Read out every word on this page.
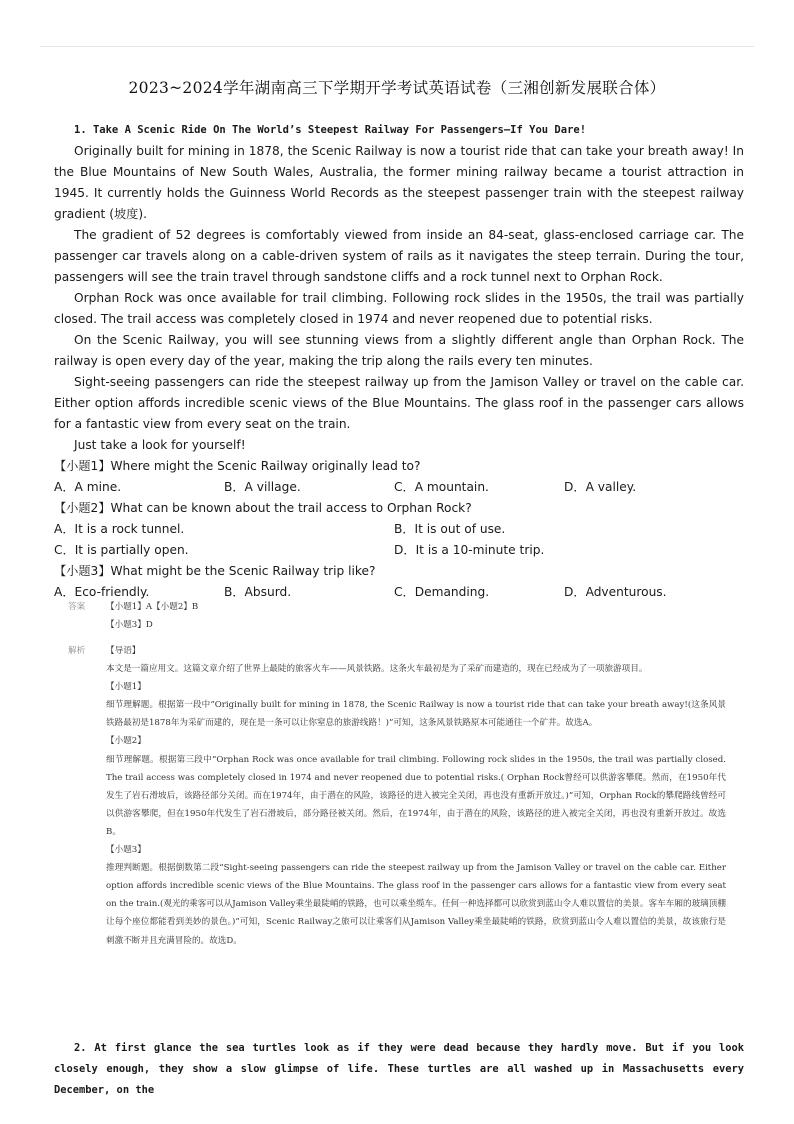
2023~2024学年湖南高三下学期开学考试英语试卷（三湘创新发展联合体）
1. Take A Scenic Ride On The World’s Steepest Railway For Passengers—If You Dare!

Originally built for mining in 1878, the Scenic Railway is now a tourist ride that can take your breath away! In the Blue Mountains of New South Wales, Australia, the former mining railway became a tourist attraction in 1945. It currently holds the Guinness World Records as the steepest passenger train with the steepest railway gradient (坡度).

The gradient of 52 degrees is comfortably viewed from inside an 84-seat, glass-enclosed carriage car. The passenger car travels along on a cable-driven system of rails as it navigates the steep terrain. During the tour, passengers will see the train travel through sandstone cliffs and a rock tunnel next to Orphan Rock.

Orphan Rock was once available for trail climbing. Following rock slides in the 1950s, the trail was partially closed. The trail access was completely closed in 1974 and never reopened due to potential risks.

On the Scenic Railway, you will see stunning views from a slightly different angle than Orphan Rock. The railway is open every day of the year, making the trip along the rails every ten minutes.

Sight-seeing passengers can ride the steepest railway up from the Jamison Valley or travel on the cable car. Either option affords incredible scenic views of the Blue Mountains. The glass roof in the passenger cars allows for a fantastic view from every seat on the train.

Just take a look for yourself!

【小题1】Where might the Scenic Railway originally lead to?

A．A mine.	B．A village.	C．A mountain.	D．A valley.

【小题2】What can be known about the trail access to Orphan Rock?

A．It is a rock tunnel.	B．It is out of use.
C．It is partially open.	D．It is a 10-minute trip.

【小题3】What might be the Scenic Railway trip like?

A．Eco-friendly.	B．Absurd.	C．Demanding.	D．Adventurous.
答案	【小题1】A【小题2】B
【小题3】D
解析	【导语】
本文是一篇应用文。这篇文章介绍了世界上最陡的旅客火车——风景铁路。这条火车最初是为了采矿而建造的，现在已经成为了一项旅游项目。
【小题1】
细节理解题。根据第一段中“Originally built for mining in 1878, the Scenic Railway is now a tourist ride that can take your breath away!(这条风景铁路最初是1878年为采矿而建的，现在是一条可以让你窒息的旅游线路！)”可知，这条风景铁路原本可能通往一个矿井。故选A。
【小题2】
细节理解题。根据第三段中“Orphan Rock was once available for trail climbing. Following rock slides in the 1950s, the trail was partially closed. The trail access was completely closed in 1974 and never reopened due to potential risks.( Orphan Rock曾经可以供游客攀爬。然而，在1950年代发生了岩石滑坡后，该路径部分关闭。而在1974年，由于潜在的风险，该路径的进入被完全关闭，再也没有重新开放过。)”可知，Orphan Rock的攀爬路线曾经可以供游客攀爬，但在1950年代发生了岩石滑坡后，部分路径被关闭。然后，在1974年，由于潜在的风险，该路径的进入被完全关闭，再也没有重新开放过。故选B。
【小题3】
推理判断题。根据倒数第二段“Sight-seeing passengers can ride the steepest railway up from the Jamison Valley or travel on the cable car. Either option affords incredible scenic views of the Blue Mountains. The glass roof in the passenger cars allows for a fantastic view from every seat on the train.(观光的乘客可以从Jamison Valley乘坐最陡峭的铁路，也可以乘坐缆车。任何一种选择都可以欣赏到蓝山令人难以置信的美景。客车车厢的玻璃顶棚让每个座位都能看到美妙的景色。)”可知，Scenic Railway之旅可以让乘客们从Jamison Valley乘坐最陡峭的铁路，欣赏到蓝山令人难以置信的美景，故该旅行是刺激不断并且充满冒险的。故选D。
2. At first glance the sea turtles look as if they were dead because they hardly move. But if you look closely enough, they show a slow glimpse of life. These turtles are all washed up in Massachusetts every December, on the
